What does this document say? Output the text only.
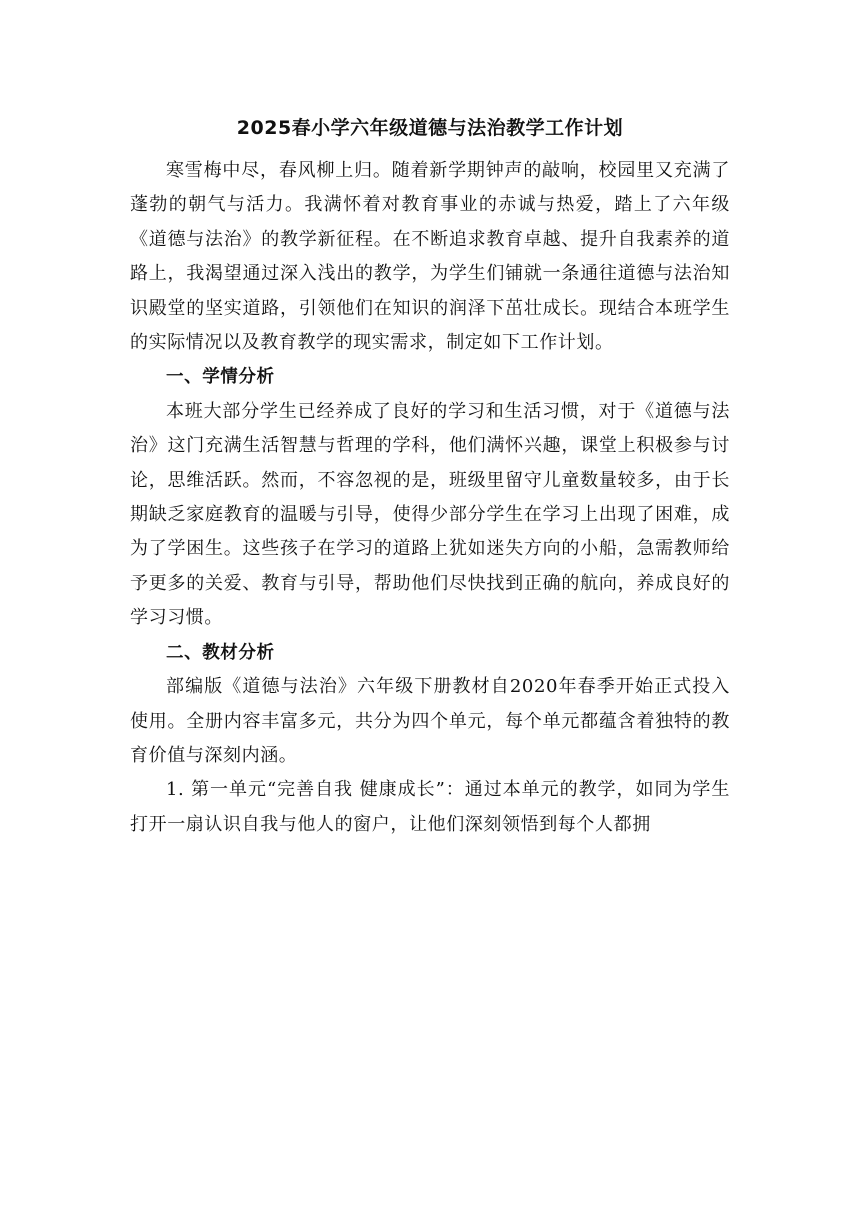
2025春小学六年级道德与法治教学工作计划

寒雪梅中尽，春风柳上归。随着新学期钟声的敲响，校园里又充满了蓬勃的朝气与活力。我满怀着对教育事业的赤诚与热爱，踏上了六年级《道德与法治》的教学新征程。在不断追求教育卓越、提升自我素养的道路上，我渴望通过深入浅出的教学，为学生们铺就一条通往道德与法治知识殿堂的坚实道路，引领他们在知识的润泽下茁壮成长。现结合本班学生的实际情况以及教育教学的现实需求，制定如下工作计划。

一、学情分析

本班大部分学生已经养成了良好的学习和生活习惯，对于《道德与法治》这门充满生活智慧与哲理的学科，他们满怀兴趣，课堂上积极参与讨论，思维活跃。然而，不容忽视的是，班级里留守儿童数量较多，由于长期缺乏家庭教育的温暖与引导，使得少部分学生在学习上出现了困难，成为了学困生。这些孩子在学习的道路上犹如迷失方向的小船，急需教师给予更多的关爱、教育与引导，帮助他们尽快找到正确的航向，养成良好的学习习惯。

二、教材分析

部编版《道德与法治》六年级下册教材自2020年春季开始正式投入使用。全册内容丰富多元，共分为四个单元，每个单元都蕴含着独特的教育价值与深刻内涵。

1. 第一单元“完善自我 健康成长”：通过本单元的教学，如同为学生打开一扇认识自我与他人的窗户，让他们深刻领悟到每个人都拥
